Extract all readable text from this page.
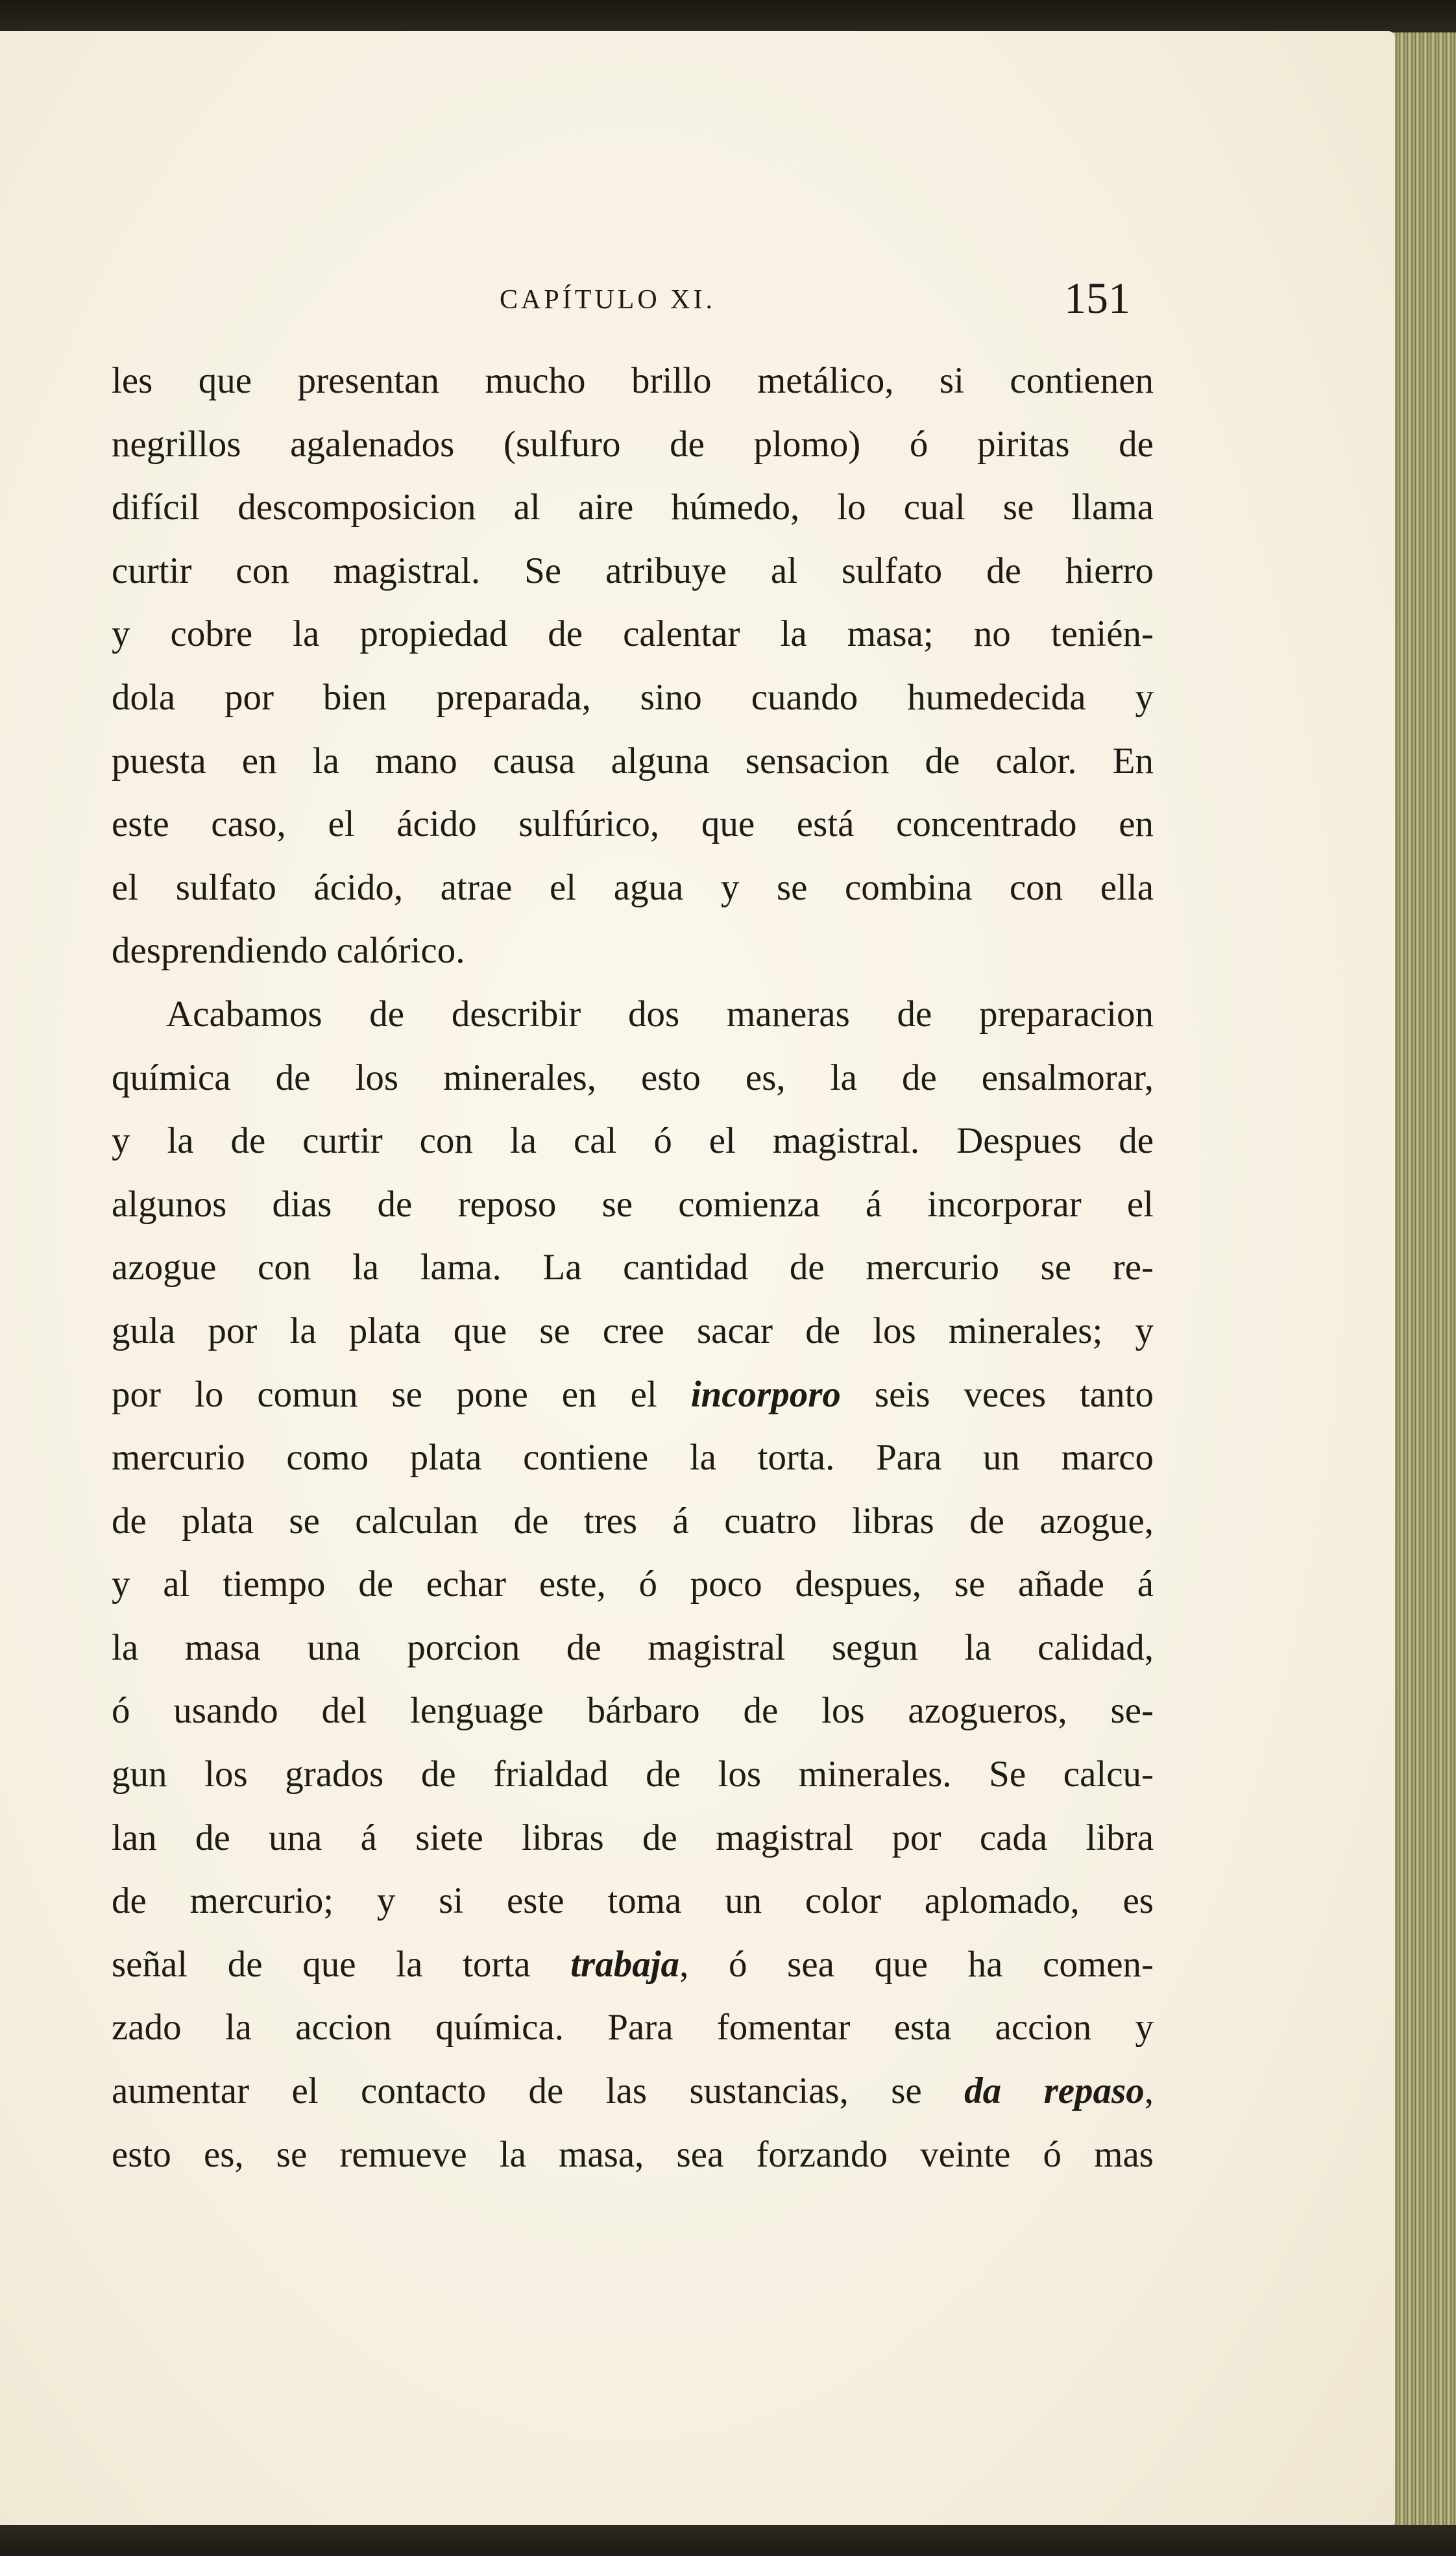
CAPÍTULO XI.	151
les que presentan mucho brillo metálico, si contienen
negrillos agalenados (sulfuro de plomo) ó piritas de
difícil descomposicion al aire húmedo, lo cual se llama
curtir con magistral. Se atribuye al sulfato de hierro
y cobre la propiedad de calentar la masa; no tenién-
dola por bien preparada, sino cuando humedecida y
puesta en la mano causa alguna sensacion de calor. En
este caso, el ácido sulfúrico, que está concentrado en
el sulfato ácido, atrae el agua y se combina con ella
desprendiendo calórico.
Acabamos de describir dos maneras de preparacion
química de los minerales, esto es, la de ensalmorar,
y la de curtir con la cal ó el magistral. Despues de
algunos dias de reposo se comienza á incorporar el
azogue con la lama. La cantidad de mercurio se re-
gula por la plata que se cree sacar de los minerales; y
por lo comun se pone en el incorporo seis veces tanto
mercurio como plata contiene la torta. Para un marco
de plata se calculan de tres á cuatro libras de azogue,
y al tiempo de echar este, ó poco despues, se añade á
la masa una porcion de magistral segun la calidad,
ó usando del lenguage bárbaro de los azogueros, se-
gun los grados de frialdad de los minerales. Se calcu-
lan de una á siete libras de magistral por cada libra
de mercurio; y si este toma un color aplomado, es
señal de que la torta trabaja, ó sea que ha comen-
zado la accion química. Para fomentar esta accion y
aumentar el contacto de las sustancias, se da repaso,
esto es, se remueve la masa, sea forzando veinte ó mas
